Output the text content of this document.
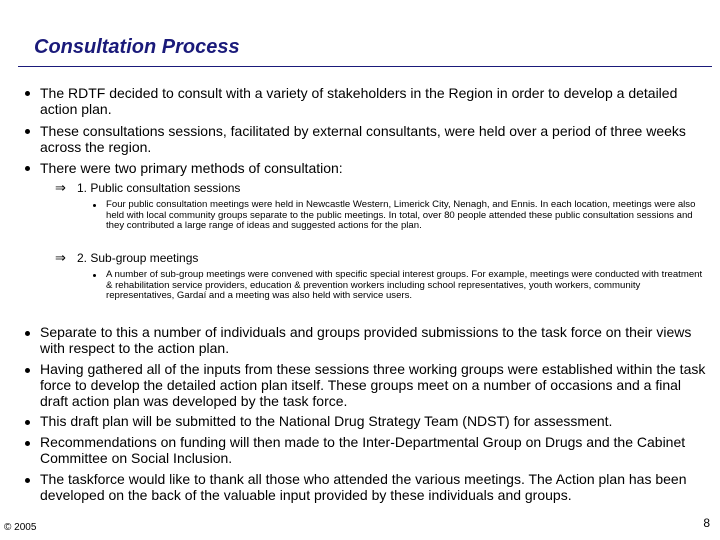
Consultation Process
The RDTF decided to consult with a variety of stakeholders in the Region in order to develop a detailed action plan.
These consultations sessions, facilitated by external consultants, were held over a period of three weeks across the region.
There were two primary methods of consultation:
⇒ 1. Public consultation sessions
Four public consultation meetings were held in Newcastle Western, Limerick City, Nenagh, and Ennis. In each location, meetings were also held with local community groups separate to the public meetings. In total, over 80 people attended these public consultation sessions and they contributed a large range of ideas and suggested actions for the plan.
⇒ 2. Sub-group meetings
A number of sub-group meetings were convened with specific special interest groups. For example, meetings were conducted with treatment & rehabilitation service providers, education & prevention workers including school representatives, youth workers, community representatives, Gardaí and a meeting was also held with service users.
Separate to this a number of individuals and groups provided submissions to the task force on their views with respect to the action plan.
Having gathered all of the inputs from these sessions three working groups were established within the task force to develop the detailed action plan itself. These groups meet on a number of occasions and a final draft action plan was developed by the task force.
This draft plan will be submitted to the National Drug Strategy Team (NDST) for assessment.
Recommendations on funding will then made to the Inter-Departmental Group on Drugs and the Cabinet Committee on Social Inclusion.
The taskforce would like to thank all those who attended the various meetings. The Action plan has been developed on the back of the valuable input provided by these individuals and groups.
© 2005	8
